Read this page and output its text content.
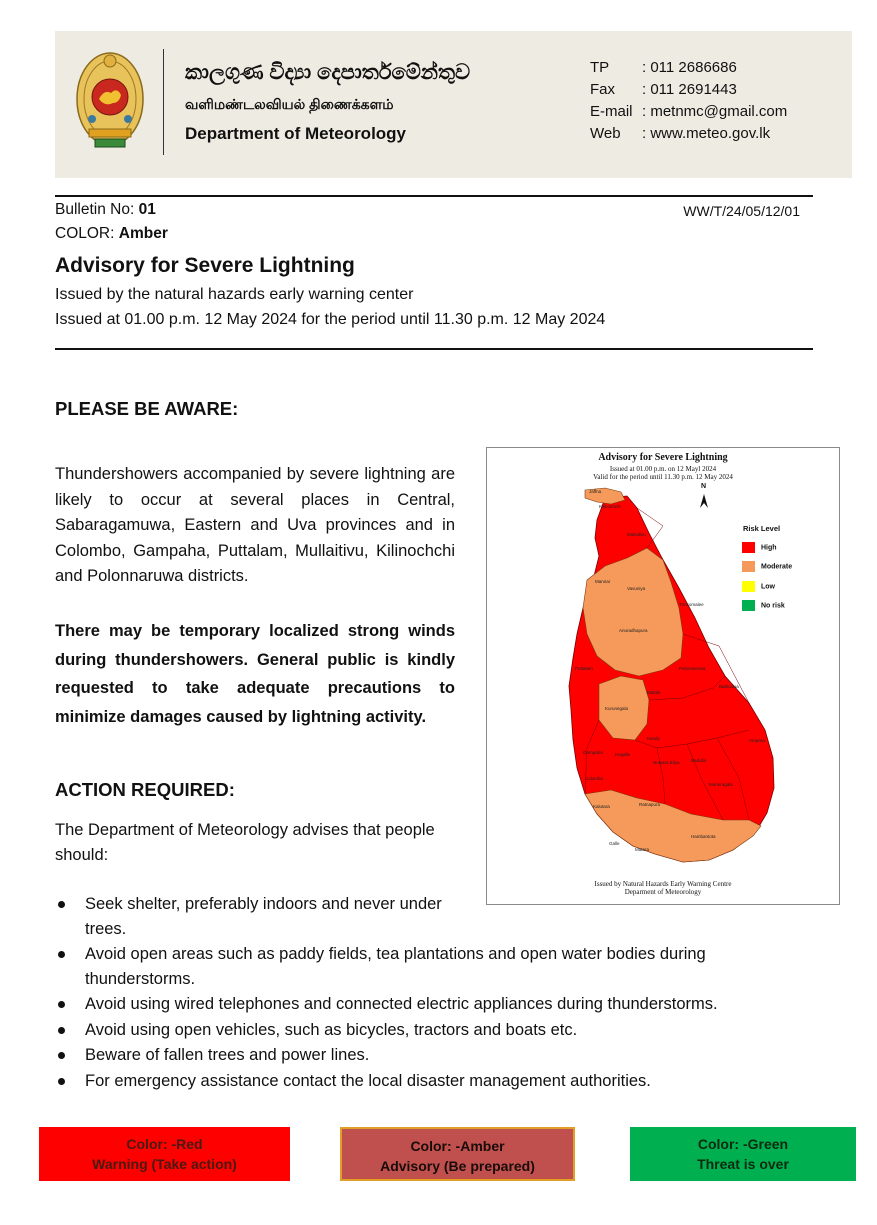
කාලගුණ විද්‍යා දෙපාර්තමේන්තුව
வளிமண்டலவியல் திணைக்களம்
Department of Meteorology
TP : 011 2686686
Fax : 011 2691443
E-mail : metnmc@gmail.com
Web : www.meteo.gov.lk
Bulletin No: 01
COLOR: Amber
WW/T/24/05/12/01
Advisory for Severe Lightning
Issued by the natural hazards early warning center
Issued at 01.00 p.m. 12 May 2024 for the period until 11.30 p.m. 12 May 2024
PLEASE BE AWARE:
Thundershowers accompanied by severe lightning are likely to occur at several places in Central, Sabaragamuwa, Eastern and Uva provinces and in Colombo, Gampaha, Puttalam, Mullaitivu, Kilinochchi and Polonnaruwa districts.
There may be temporary localized strong winds during thundershowers. General public is kindly requested to take adequate precautions to minimize damages caused by lightning activity.
ACTION REQUIRED:
The Department of Meteorology advises that people should:
Seek shelter, preferably indoors and never under trees.
Avoid open areas such as paddy fields, tea plantations and open water bodies during thunderstorms.
Avoid using wired telephones and connected electric appliances during thunderstorms.
Avoid using open vehicles, such as bicycles, tractors and boats etc.
Beware of fallen trees and power lines.
For emergency assistance contact the local disaster management authorities.
Advisory for Severe Lightning
Issued at 01.00 p.m. on 12 Mayl 2024
Valid for the period until 11.30 p.m. 12 May 2024
Jaffna
Kilinochchi
Mullaitivu
Mannar
Vavuniya
Trincomalee
Anuradhapura
Puttalam
Kurunegala
Polonnaruwa
Matale
Batticaloa
Gampaha
Kandy
Kegalle
Nuwara Eliya
Ampara
Badulla
Colombo
Moneragala
Kalutara	Ratnapura
Hambantota
Galle
Matara
N
Risk Level
High
Moderate
Low
No risk
Issued by Natural Hazards Early Warning Centre
Deparment of Meteorology
Color: -Red
Warning (Take action)
Color: -Amber
Advisory (Be prepared)
Color: -Green
Threat is over
